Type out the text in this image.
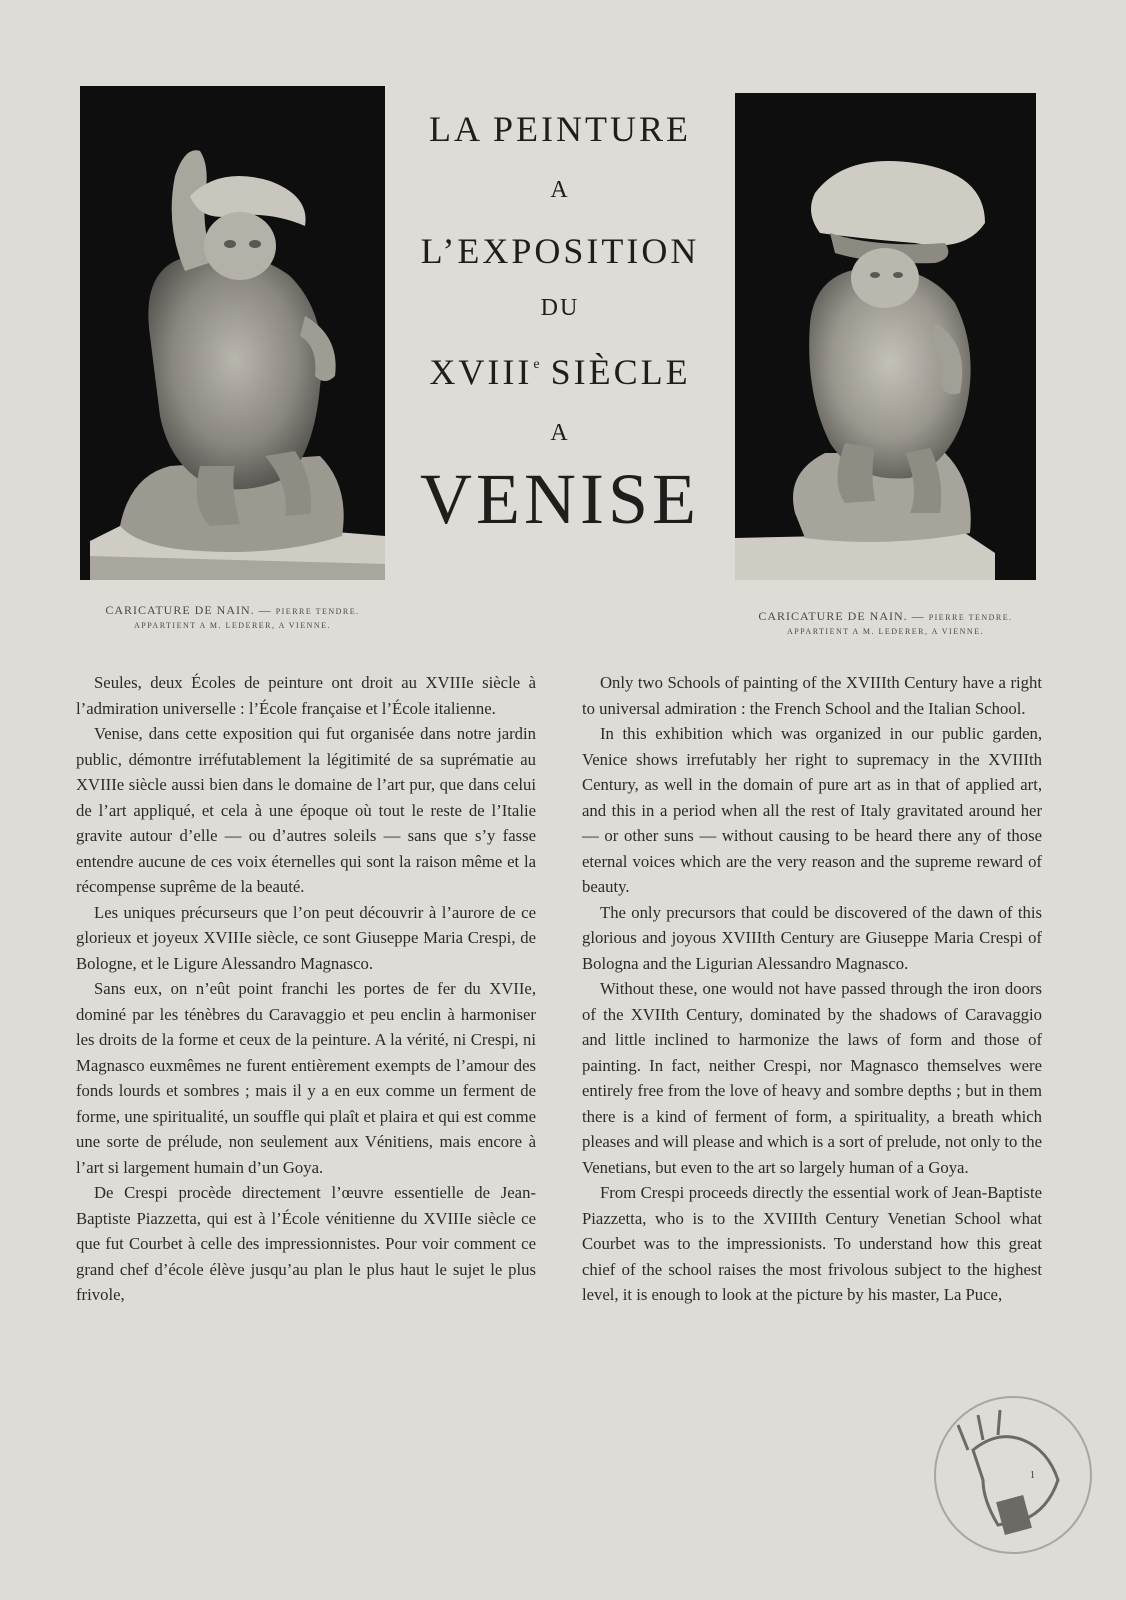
LA PEINTURE
A
L’EXPOSITION
DU
XVIIIe SIÈCLE
A
VENISE
CARICATURE DE NAIN. — PIERRE TENDRE.
APPARTIENT A M. LEDERER, A VIENNE.
CARICATURE DE NAIN. — PIERRE TENDRE.
APPARTIENT A M. LEDERER, A VIENNE.

Seules, deux Écoles de peinture ont droit au XVIIIe siècle à l’admiration universelle : l’École française et l’École italienne.

Venise, dans cette exposition qui fut organisée dans notre jardin public, démontre irréfutablement la légitimité de sa suprématie au XVIIIe siècle aussi bien dans le domaine de l’art pur, que dans celui de l’art appliqué, et cela à une époque où tout le reste de l’Italie gravite autour d’elle — ou d’autres soleils — sans que s’y fasse entendre aucune de ces voix éternelles qui sont la raison même et la récompense suprême de la beauté.

Les uniques précurseurs que l’on peut découvrir à l’aurore de ce glorieux et joyeux XVIIIe siècle, ce sont Giuseppe Maria Crespi, de Bologne, et le Ligure Alessandro Magnasco.

Sans eux, on n’eût point franchi les portes de fer du XVIIe, dominé par les ténèbres du Caravaggio et peu enclin à harmoniser les droits de la forme et ceux de la peinture. A la vérité, ni Crespi, ni Magnasco euxmêmes ne furent entièrement exempts de l’amour des fonds lourds et sombres ; mais il y a en eux comme un ferment de forme, une spiritualité, un souffle qui plaît et plaira et qui est comme une sorte de prélude, non seulement aux Vénitiens, mais encore à l’art si largement humain d’un Goya.

De Crespi procède directement l’œuvre essentielle de Jean-Baptiste Piazzetta, qui est à l’École vénitienne du XVIIIe siècle ce que fut Courbet à celle des impressionnistes. Pour voir comment ce grand chef d’école élève jusqu’au plan le plus haut le sujet le plus frivole,

Only two Schools of painting of the XVIIIth Century have a right to universal admiration : the French School and the Italian School.

In this exhibition which was organized in our public garden, Venice shows irrefutably her right to supremacy in the XVIIIth Century, as well in the domain of pure art as in that of applied art, and this in a period when all the rest of Italy gravitated around her — or other suns — without causing to be heard there any of those eternal voices which are the very reason and the supreme reward of beauty.

The only precursors that could be discovered of the dawn of this glorious and joyous XVIIIth Century are Giuseppe Maria Crespi of Bologna and the Ligurian Alessandro Magnasco.

Without these, one would not have passed through the iron doors of the XVIIth Century, dominated by the shadows of Caravaggio and little inclined to harmonize the laws of form and those of painting. In fact, neither Crespi, nor Magnasco themselves were entirely free from the love of heavy and sombre depths ; but in them there is a kind of ferment of form, a spirituality, a breath which pleases and will please and which is a sort of prelude, not only to the Venetians, but even to the art so largely human of a Goya.

From Crespi proceeds directly the essential work of Jean-Baptiste Piazzetta, who is to the XVIIIth Century Venetian School what Courbet was to the impressionists. To understand how this great chief of the school raises the most frivolous subject to the highest level, it is enough to look at the picture by his master, La Puce,

1
